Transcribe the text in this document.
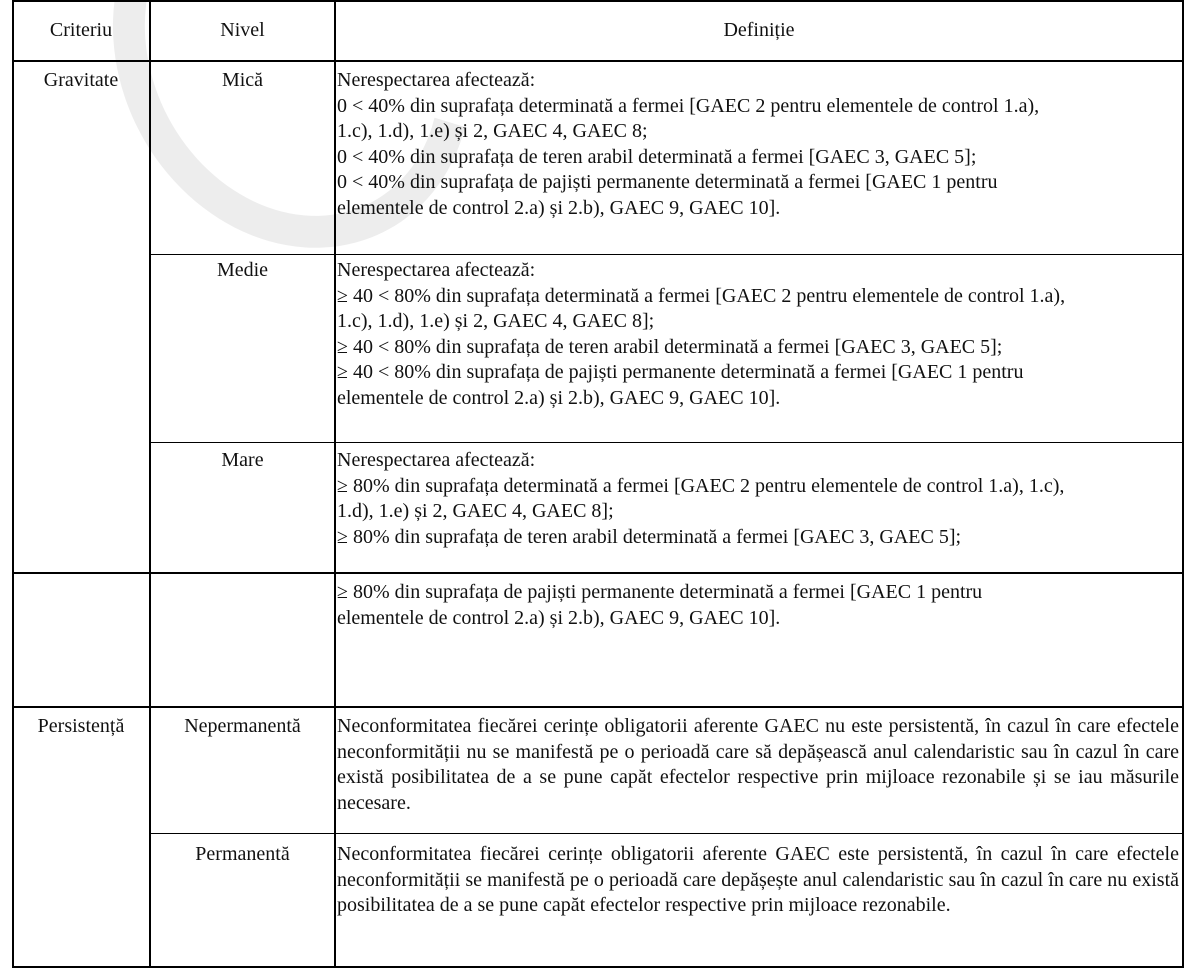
Criteriu	Nivel	Definiție
Gravitate	Mică	Nerespectarea afectează:
0 < 40% din suprafața determinată a fermei [GAEC 2 pentru elementele de control 1.a),
1.c), 1.d), 1.e) și 2, GAEC 4, GAEC 8;
0 < 40% din suprafața de teren arabil determinată a fermei [GAEC 3, GAEC 5];
0 < 40% din suprafața de pajiști permanente determinată a fermei [GAEC 1 pentru
elementele de control 2.a) și 2.b), GAEC 9, GAEC 10].
Medie	Nerespectarea afectează:
≥ 40 < 80% din suprafața determinată a fermei [GAEC 2 pentru elementele de control 1.a),
1.c), 1.d), 1.e) și 2, GAEC 4, GAEC 8];
≥ 40 < 80% din suprafața de teren arabil determinată a fermei [GAEC 3, GAEC 5];
≥ 40 < 80% din suprafața de pajiști permanente determinată a fermei [GAEC 1 pentru
elementele de control 2.a) și 2.b), GAEC 9, GAEC 10].
Mare	Nerespectarea afectează:
≥ 80% din suprafața determinată a fermei [GAEC 2 pentru elementele de control 1.a), 1.c),
1.d), 1.e) și 2, GAEC 4, GAEC 8];
≥ 80% din suprafața de teren arabil determinată a fermei [GAEC 3, GAEC 5];
≥ 80% din suprafața de pajiști permanente determinată a fermei [GAEC 1 pentru
elementele de control 2.a) și 2.b), GAEC 9, GAEC 10].
Persistență	Nepermanentă	Neconformitatea fiecărei cerințe obligatorii aferente GAEC nu este persistentă, în cazul în care efectele neconformității nu se manifestă pe o perioadă care să depășească anul calendaristic sau în cazul în care există posibilitatea de a se pune capăt efectelor respective prin mijloace rezonabile și se iau măsurile necesare.
Permanentă	Neconformitatea fiecărei cerințe obligatorii aferente GAEC este persistentă, în cazul în care efectele neconformității se manifestă pe o perioadă care depășește anul calendaristic sau în cazul în care nu există posibilitatea de a se pune capăt efectelor respective prin mijloace rezonabile.
